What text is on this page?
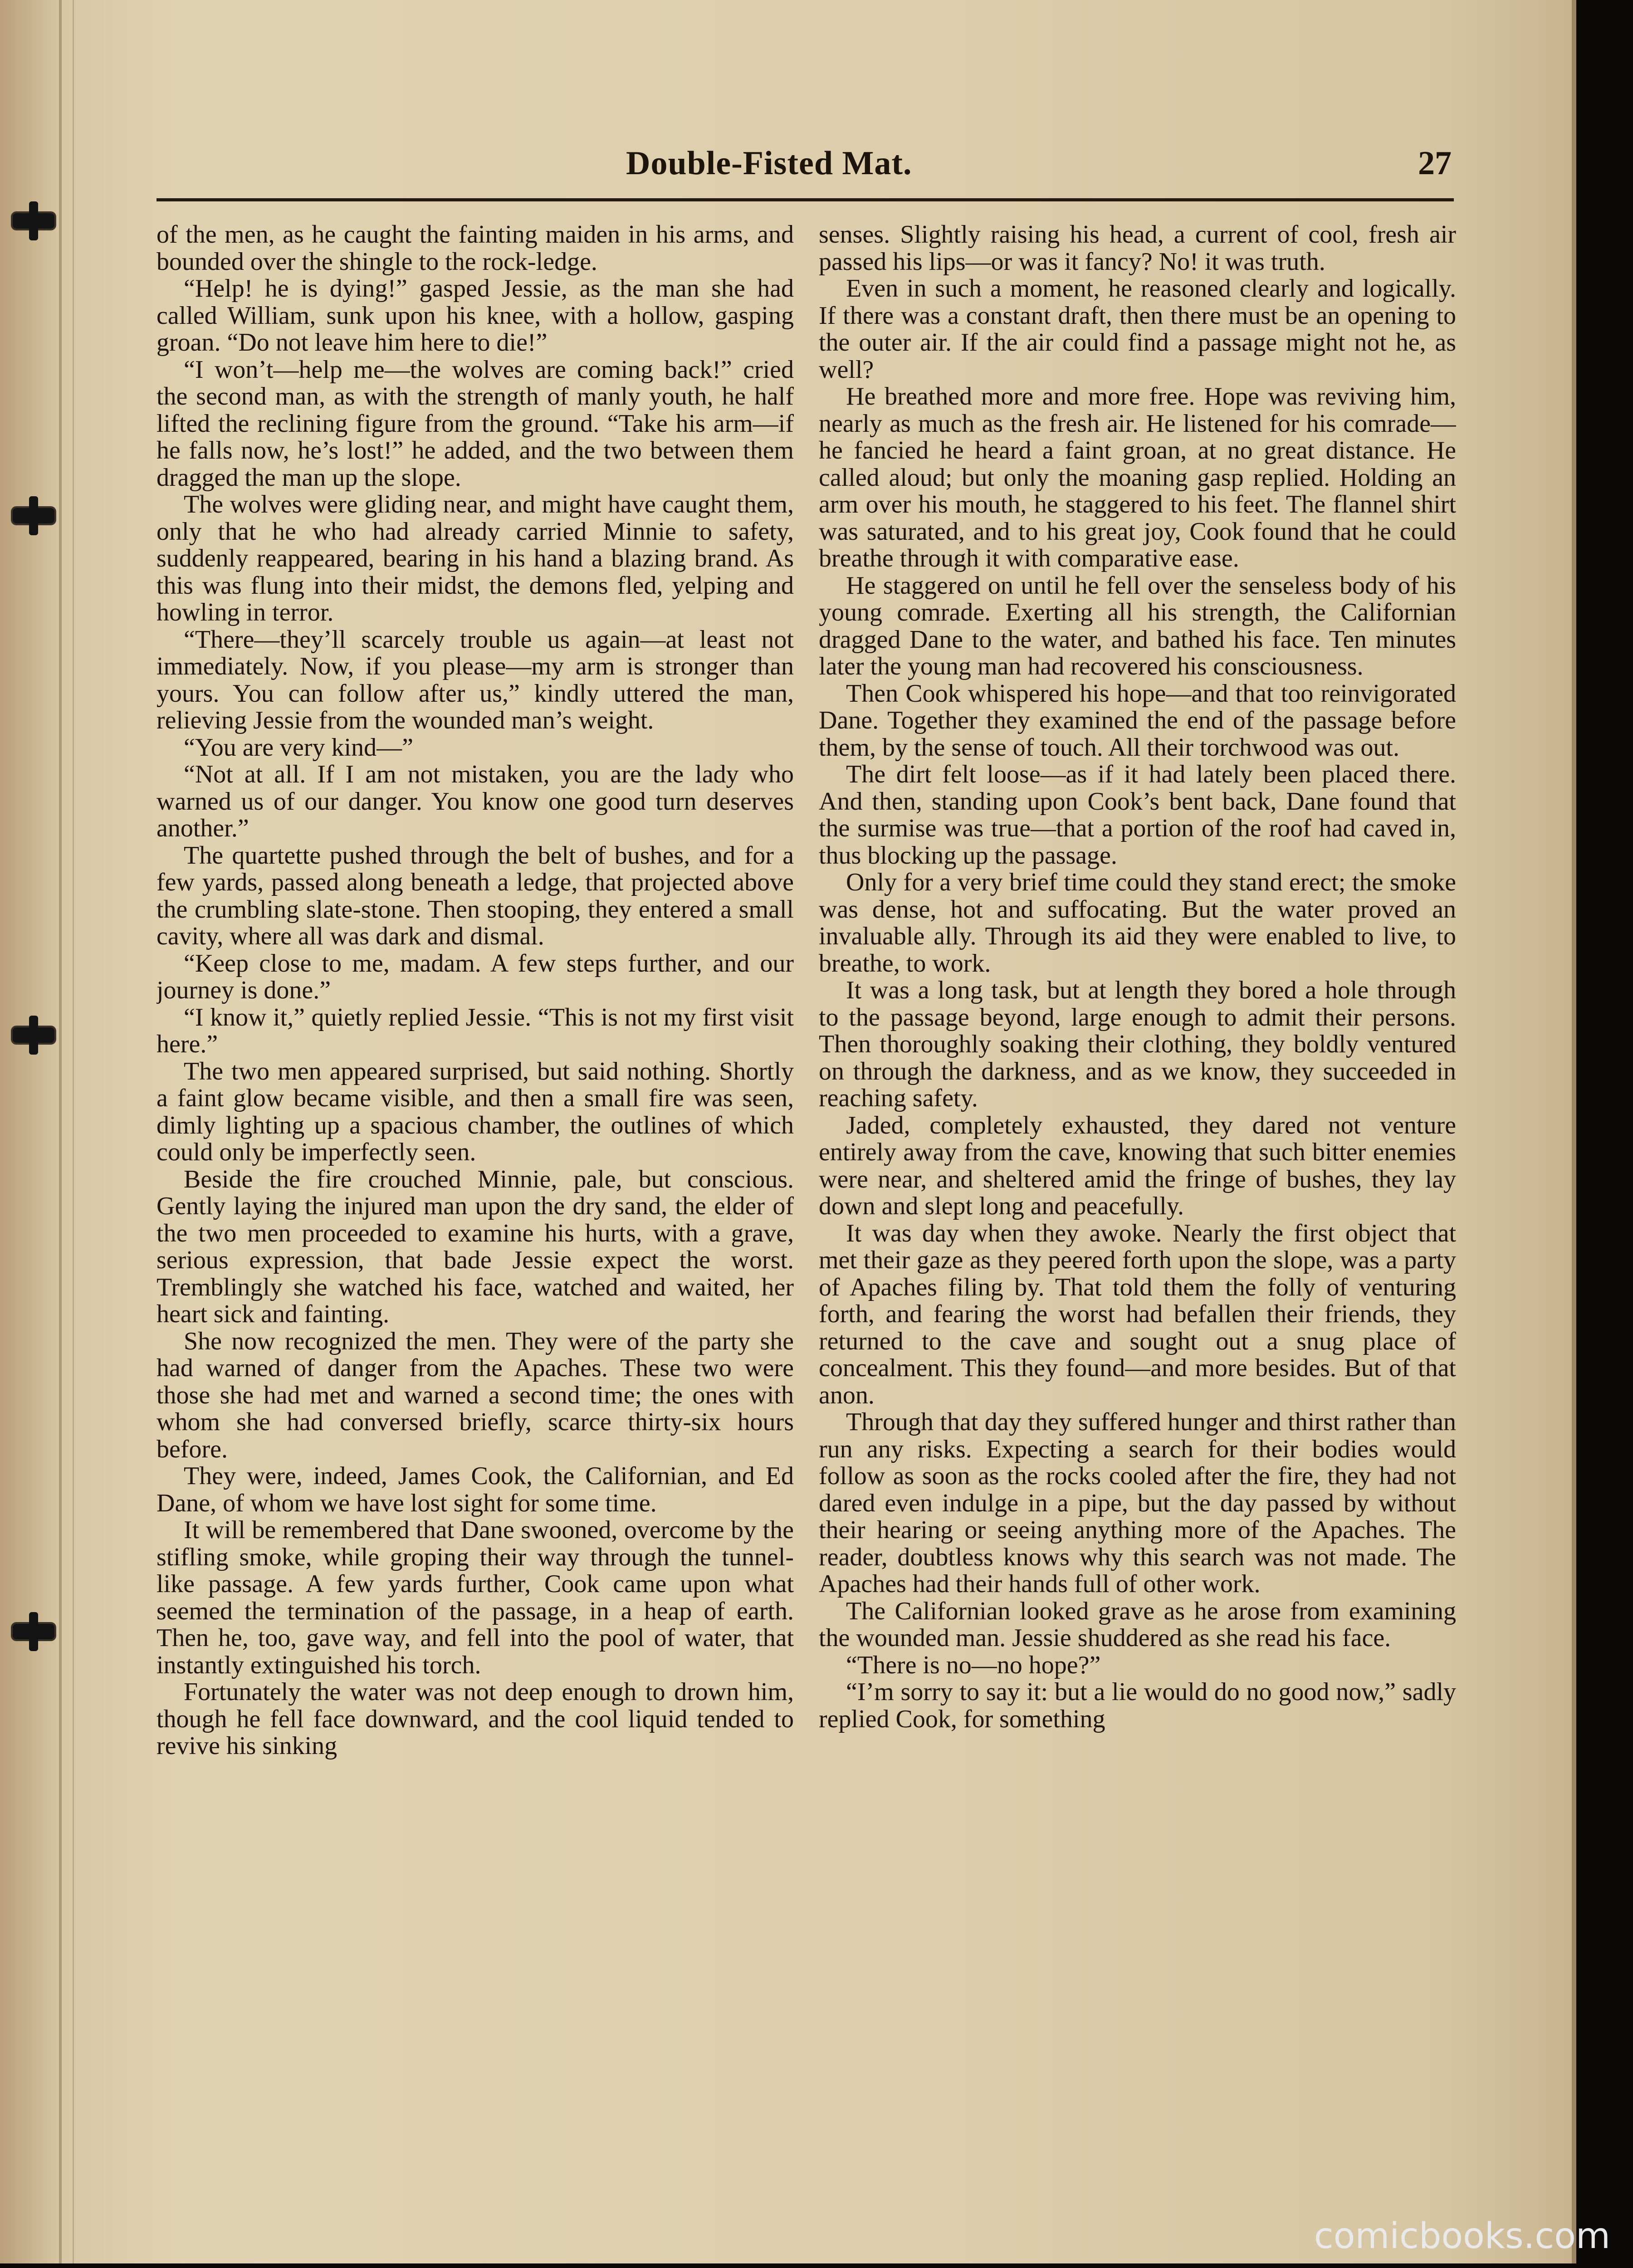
Double-Fisted Mat.	27

of the men, as he caught the fainting maiden in his arms, and bounded over the shingle to the rock-ledge.

“Help! he is dying!” gasped Jessie, as the man she had called William, sunk upon his knee, with a hollow, gasping groan. “Do not leave him here to die!”

“I won’t—help me—the wolves are coming back!” cried the second man, as with the strength of manly youth, he half lifted the reclining figure from the ground. “Take his arm—if he falls now, he’s lost!” he added, and the two between them dragged the man up the slope.

The wolves were gliding near, and might have caught them, only that he who had already carried Minnie to safety, suddenly reappeared, bearing in his hand a blazing brand. As this was flung into their midst, the demons fled, yelping and howling in terror.

“There—they’ll scarcely trouble us again—at least not immediately. Now, if you please—my arm is stronger than yours. You can follow after us,” kindly uttered the man, relieving Jessie from the wounded man’s weight.

“You are very kind—”

“Not at all. If I am not mistaken, you are the lady who warned us of our danger. You know one good turn deserves another.”

The quartette pushed through the belt of bushes, and for a few yards, passed along beneath a ledge, that projected above the crumbling slate-stone. Then stooping, they entered a small cavity, where all was dark and dismal.

“Keep close to me, madam. A few steps further, and our journey is done.”

“I know it,” quietly replied Jessie. “This is not my first visit here.”

The two men appeared surprised, but said nothing. Shortly a faint glow became visible, and then a small fire was seen, dimly lighting up a spacious chamber, the outlines of which could only be imperfectly seen.

Beside the fire crouched Minnie, pale, but conscious. Gently laying the injured man upon the dry sand, the elder of the two men proceeded to examine his hurts, with a grave, serious expression, that bade Jessie expect the worst. Tremblingly she watched his face, watched and waited, her heart sick and fainting.

She now recognized the men. They were of the party she had warned of danger from the Apaches. These two were those she had met and warned a second time; the ones with whom she had conversed briefly, scarce thirty-six hours before.

They were, indeed, James Cook, the Californian, and Ed Dane, of whom we have lost sight for some time.

It will be remembered that Dane swooned, overcome by the stifling smoke, while groping their way through the tunnel-like passage. A few yards further, Cook came upon what seemed the termination of the passage, in a heap of earth. Then he, too, gave way, and fell into the pool of water, that instantly extinguished his torch.

Fortunately the water was not deep enough to drown him, though he fell face downward, and the cool liquid tended to revive his sinking

senses. Slightly raising his head, a current of cool, fresh air passed his lips—or was it fancy? No! it was truth.

Even in such a moment, he reasoned clearly and logically. If there was a constant draft, then there must be an opening to the outer air. If the air could find a passage might not he, as well?

He breathed more and more free. Hope was reviving him, nearly as much as the fresh air. He listened for his comrade—he fancied he heard a faint groan, at no great distance. He called aloud; but only the moaning gasp replied. Holding an arm over his mouth, he staggered to his feet. The flannel shirt was saturated, and to his great joy, Cook found that he could breathe through it with comparative ease.

He staggered on until he fell over the senseless body of his young comrade. Exerting all his strength, the Californian dragged Dane to the water, and bathed his face. Ten minutes later the young man had recovered his consciousness.

Then Cook whispered his hope—and that too reinvigorated Dane. Together they examined the end of the passage before them, by the sense of touch. All their torchwood was out.

The dirt felt loose—as if it had lately been placed there. And then, standing upon Cook’s bent back, Dane found that the surmise was true—that a portion of the roof had caved in, thus blocking up the passage.

Only for a very brief time could they stand erect; the smoke was dense, hot and suffocating. But the water proved an invaluable ally. Through its aid they were enabled to live, to breathe, to work.

It was a long task, but at length they bored a hole through to the passage beyond, large enough to admit their persons. Then thoroughly soaking their clothing, they boldly ventured on through the darkness, and as we know, they succeeded in reaching safety.

Jaded, completely exhausted, they dared not venture entirely away from the cave, knowing that such bitter enemies were near, and sheltered amid the fringe of bushes, they lay down and slept long and peacefully.

It was day when they awoke. Nearly the first object that met their gaze as they peered forth upon the slope, was a party of Apaches filing by. That told them the folly of venturing forth, and fearing the worst had befallen their friends, they returned to the cave and sought out a snug place of concealment. This they found—and more besides. But of that anon.

Through that day they suffered hunger and thirst rather than run any risks. Expecting a search for their bodies would follow as soon as the rocks cooled after the fire, they had not dared even indulge in a pipe, but the day passed by without their hearing or seeing anything more of the Apaches. The reader, doubtless knows why this search was not made. The Apaches had their hands full of other work.

The Californian looked grave as he arose from examining the wounded man. Jessie shuddered as she read his face.

“There is no—no hope?”

“I’m sorry to say it: but a lie would do no good now,” sadly replied Cook, for something

comicbooks.com
